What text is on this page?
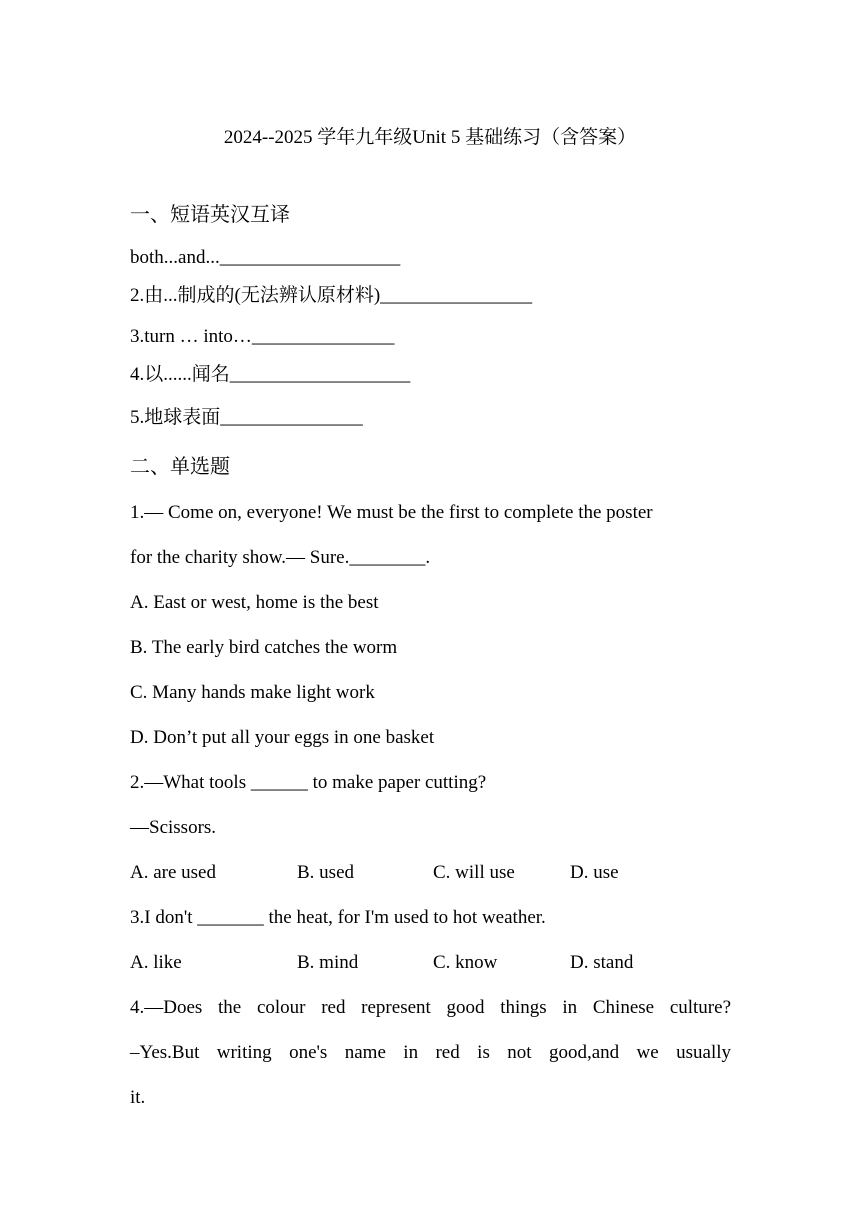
2024--2025 学年九年级Unit 5 基础练习（含答案）
一、短语英汉互译
both...and...___________________
2.由...制成的(无法辨认原材料)________________
3.turn … into…_______________
4.以......闻名___________________
5.地球表面_______________
二、单选题
1.— Come on, everyone! We must be the first to complete the poster
for the charity show.— Sure.________.
A. East or west, home is the best
B. The early bird catches the worm
C. Many hands make light work
D. Don’t put all your eggs in one basket
2.—What tools ______ to make paper cutting?
—Scissors.
A. are used	B. used	C. will use	D. use
3.I don't _______ the heat, for I'm used to hot weather.
A. like	B. mind	C. know	D. stand
4.—Does the colour red represent good things in Chinese culture?
–Yes.But writing one's name in red is not good,and we usually
it.
